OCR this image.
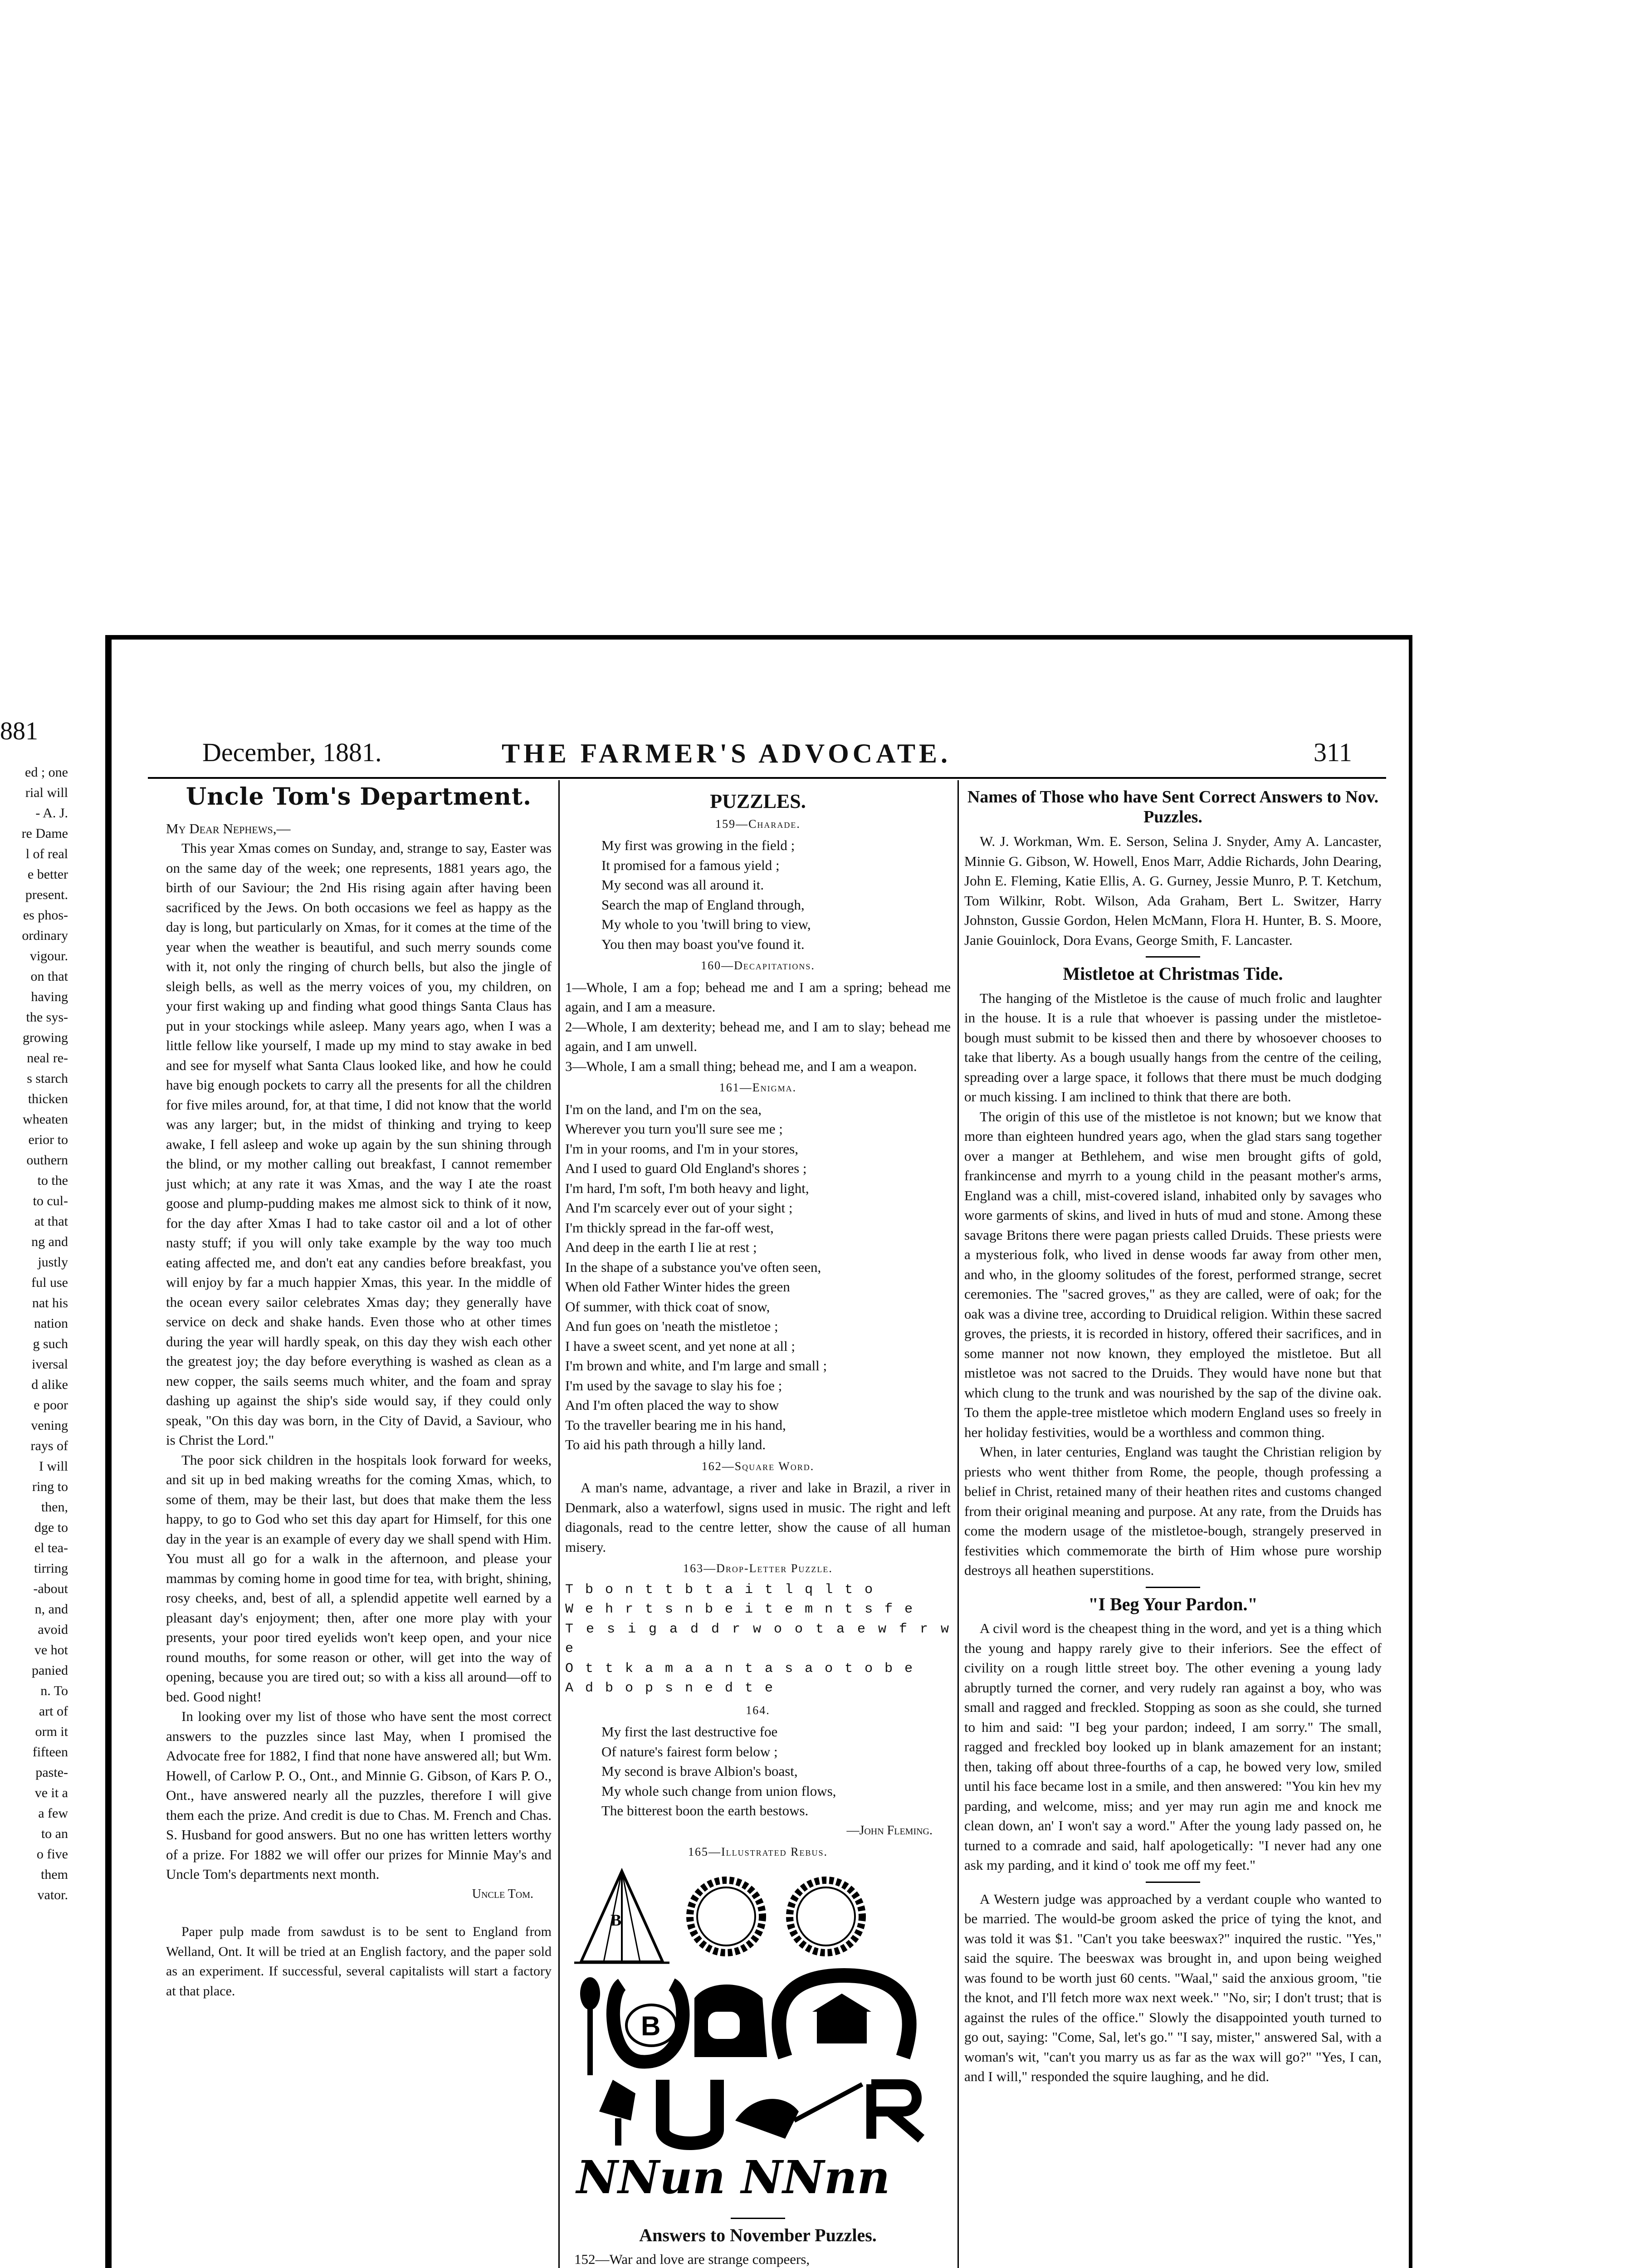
881

ed ; one

rial will

- A. J.

re Dame

l of real

e better

present.

es phos-

ordinary

vigour.

on that

having

the sys-

growing

neal re-

s starch

thicken

wheaten

erior to

outhern

to the

to cul-

at that

ng and

justly

ful use

nat his

nation

g such

iversal

d alike

e poor

vening

rays of

I will

ring to

then,

dge to

el tea-

tirring

-about

n, and

avoid

ve hot

panied

n. To

art of

orm it

fifteen

paste-

ve it a

a few

to an

o five

them

vator.

December, 1881.	THE FARMER'S ADVOCATE.	311
Uncle Tom's Department.

My Dear Nephews,—

This year Xmas comes on Sunday, and, strange to say, Easter was on the same day of the week; one represents, 1881 years ago, the birth of our Saviour; the 2nd His rising again after having been sacrificed by the Jews. On both occasions we feel as happy as the day is long, but particularly on Xmas, for it comes at the time of the year when the weather is beautiful, and such merry sounds come with it, not only the ringing of church bells, but also the jingle of sleigh bells, as well as the merry voices of you, my children, on your first waking up and finding what good things Santa Claus has put in your stockings while asleep. Many years ago, when I was a little fellow like yourself, I made up my mind to stay awake in bed and see for myself what Santa Claus looked like, and how he could have big enough pockets to carry all the presents for all the children for five miles around, for, at that time, I did not know that the world was any larger; but, in the midst of thinking and trying to keep awake, I fell asleep and woke up again by the sun shining through the blind, or my mother calling out breakfast, I cannot remember just which; at any rate it was Xmas, and the way I ate the roast goose and plump-pudding makes me almost sick to think of it now, for the day after Xmas I had to take castor oil and a lot of other nasty stuff; if you will only take example by the way too much eating affected me, and don't eat any candies before breakfast, you will enjoy by far a much happier Xmas, this year. In the middle of the ocean every sailor celebrates Xmas day; they generally have service on deck and shake hands. Even those who at other times during the year will hardly speak, on this day they wish each other the greatest joy; the day before everything is washed as clean as a new copper, the sails seems much whiter, and the foam and spray dashing up against the ship's side would say, if they could only speak, "On this day was born, in the City of David, a Saviour, who is Christ the Lord."

The poor sick children in the hospitals look forward for weeks, and sit up in bed making wreaths for the coming Xmas, which, to some of them, may be their last, but does that make them the less happy, to go to God who set this day apart for Himself, for this one day in the year is an example of every day we shall spend with Him. You must all go for a walk in the afternoon, and please your mammas by coming home in good time for tea, with bright, shining, rosy cheeks, and, best of all, a splendid appetite well earned by a pleasant day's enjoyment; then, after one more play with your presents, your poor tired eyelids won't keep open, and your nice round mouths, for some reason or other, will get into the way of opening, because you are tired out; so with a kiss all around—off to bed. Good night!

In looking over my list of those who have sent the most correct answers to the puzzles since last May, when I promised the Advocate free for 1882, I find that none have answered all; but Wm. Howell, of Carlow P. O., Ont., and Minnie G. Gibson, of Kars P. O., Ont., have answered nearly all the puzzles, therefore I will give them each the prize. And credit is due to Chas. M. French and Chas. S. Husband for good answers. But no one has written letters worthy of a prize. For 1882 we will offer our prizes for Minnie May's and Uncle Tom's departments next month.

Uncle Tom.

Paper pulp made from sawdust is to be sent to England from Welland, Ont. It will be tried at an English factory, and the paper sold as an experiment. If successful, several capitalists will start a factory at that place.

PUZZLES.
159—Charade.
My first was growing in the field ;
It promised for a famous yield ;
My second was all around it.
Search the map of England through,
My whole to you 'twill bring to view,
You then may boast you've found it.
160—Decapitations.
1—Whole, I am a fop; behead me and I am a spring; behead me again, and I am a measure.
2—Whole, I am dexterity; behead me, and I am to slay; behead me again, and I am unwell.
3—Whole, I am a small thing; behead me, and I am a weapon.
161—Enigma.
I'm on the land, and I'm on the sea,
Wherever you turn you'll sure see me ;
I'm in your rooms, and I'm in your stores,
And I used to guard Old England's shores ;
I'm hard, I'm soft, I'm both heavy and light,
And I'm scarcely ever out of your sight ;
I'm thickly spread in the far-off west,
And deep in the earth I lie at rest ;
In the shape of a substance you've often seen,
When old Father Winter hides the green
Of summer, with thick coat of snow,
And fun goes on 'neath the mistletoe ;
I have a sweet scent, and yet none at all ;
I'm brown and white, and I'm large and small ;
I'm used by the savage to slay his foe ;
And I'm often placed the way to show
To the traveller bearing me in his hand,
To aid his path through a hilly land.
162—Square Word.

A man's name, advantage, a river and lake in Brazil, a river in Denmark, also a waterfowl, signs used in music. The right and left diagonals, read to the centre letter, show the cause of all human misery.

163—Drop-Letter Puzzle.
T b o n t t b t a i t l q l t o
W e h r t s n b e i t e m n t s f e
T e s i g a d d r w o o t a e w f r w e
O t t k a m a a n t a s a o t o b e
A d b o p s n e d t e
164.
My first the last destructive foe
Of nature's fairest form below ;
My second is brave Albion's boast,
My whole such change from union flows,
The bitterest boon the earth bestows.
—John Fleming.
165—Illustrated Rebus.
B
B
NNun NNnn
Answers to November Puzzles.
152—War and love are strange compeers,

Names of Those who have Sent Correct Answers to Nov. Puzzles.

W. J. Workman, Wm. E. Serson, Selina J. Snyder, Amy A. Lancaster, Minnie G. Gibson, W. Howell, Enos Marr, Addie Richards, John Dearing, John E. Fleming, Katie Ellis, A. G. Gurney, Jessie Munro, P. T. Ketchum, Tom Wilkinr, Robt. Wilson, Ada Graham, Bert L. Switzer, Harry Johnston, Gussie Gordon, Helen McMann, Flora H. Hunter, B. S. Moore, Janie Gouinlock, Dora Evans, George Smith, F. Lancaster.

Mistletoe at Christmas Tide.

The hanging of the Mistletoe is the cause of much frolic and laughter in the house. It is a rule that whoever is passing under the mistletoe-bough must submit to be kissed then and there by whosoever chooses to take that liberty. As a bough usually hangs from the centre of the ceiling, spreading over a large space, it follows that there must be much dodging or much kissing. I am inclined to think that there are both.

The origin of this use of the mistletoe is not known; but we know that more than eighteen hundred years ago, when the glad stars sang together over a manger at Bethlehem, and wise men brought gifts of gold, frankincense and myrrh to a young child in the peasant mother's arms, England was a chill, mist-covered island, inhabited only by savages who wore garments of skins, and lived in huts of mud and stone. Among these savage Britons there were pagan priests called Druids. These priests were a mysterious folk, who lived in dense woods far away from other men, and who, in the gloomy solitudes of the forest, performed strange, secret ceremonies. The "sacred groves," as they are called, were of oak; for the oak was a divine tree, according to Druidical religion. Within these sacred groves, the priests, it is recorded in history, offered their sacrifices, and in some manner not now known, they employed the mistletoe. But all mistletoe was not sacred to the Druids. They would have none but that which clung to the trunk and was nourished by the sap of the divine oak. To them the apple-tree mistletoe which modern England uses so freely in her holiday festivities, would be a worthless and common thing.

When, in later centuries, England was taught the Christian religion by priests who went thither from Rome, the people, though professing a belief in Christ, retained many of their heathen rites and customs changed from their original meaning and purpose. At any rate, from the Druids has come the modern usage of the mistletoe-bough, strangely preserved in festivities which commemorate the birth of Him whose pure worship destroys all heathen superstitions.

"I Beg Your Pardon."

A civil word is the cheapest thing in the word, and yet is a thing which the young and happy rarely give to their inferiors. See the effect of civility on a rough little street boy. The other evening a young lady abruptly turned the corner, and very rudely ran against a boy, who was small and ragged and freckled. Stopping as soon as she could, she turned to him and said: "I beg your pardon; indeed, I am sorry." The small, ragged and freckled boy looked up in blank amazement for an instant; then, taking off about three-fourths of a cap, he bowed very low, smiled until his face became lost in a smile, and then answered: "You kin hev my parding, and welcome, miss; and yer may run agin me and knock me clean down, an' I won't say a word." After the young lady passed on, he turned to a comrade and said, half apologetically: "I never had any one ask my parding, and it kind o' took me off my feet."

A Western judge was approached by a verdant couple who wanted to be married. The would-be groom asked the price of tying the knot, and was told it was $1. "Can't you take beeswax?" inquired the rustic. "Yes," said the squire. The beeswax was brought in, and upon being weighed was found to be worth just 60 cents. "Waal," said the anxious groom, "tie the knot, and I'll fetch more wax next week." "No, sir; I don't trust; that is against the rules of the office." Slowly the disappointed youth turned to go out, saying: "Come, Sal, let's go." "I say, mister," answered Sal, with a woman's wit, "can't you marry us as far as the wax will go?" "Yes, I can, and I will," responded the squire laughing, and he did.
